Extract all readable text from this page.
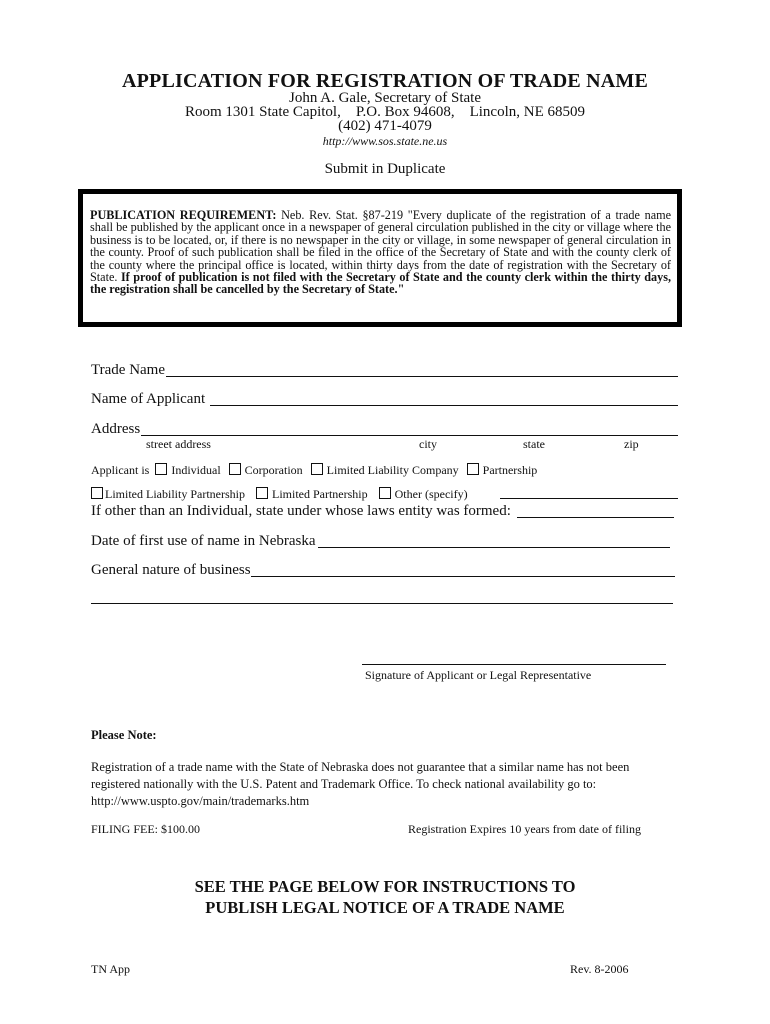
APPLICATION FOR REGISTRATION OF TRADE NAME
John A. Gale, Secretary of State
Room 1301 State Capitol,    P.O. Box 94608,    Lincoln, NE 68509
(402) 471-4079
http://www.sos.state.ne.us
Submit in Duplicate
PUBLICATION REQUIREMENT: Neb. Rev. Stat. §87-219 "Every duplicate of the registration of a trade name shall be published by the applicant once in a newspaper of general circulation published in the city or village where the business is to be located, or, if there is no newspaper in the city or village, in some newspaper of general circulation in the county. Proof of such publication shall be filed in the office of the Secretary of State and with the county clerk of the county where the principal office is located, within thirty days from the date of registration with the Secretary of State. If proof of publication is not filed with the Secretary of State and the county clerk within the thirty days, the registration shall be cancelled by the Secretary of State."
Trade Name
Name of Applicant
Address
street address	city	state	zip
Applicant is Individual Corporation Limited Liability Company Partnership
Limited Liability Partnership Limited Partnership Other (specify)
If other than an Individual, state under whose laws entity was formed:
Date of first use of name in Nebraska
General nature of business
Signature of Applicant or Legal Representative
Please Note:
Registration of a trade name with the State of Nebraska does not guarantee that a similar name has not been registered nationally with the U.S. Patent and Trademark Office. To check national availability go to: http://www.uspto.gov/main/trademarks.htm
FILING FEE: $100.00	Registration Expires 10 years from date of filing
SEE THE PAGE BELOW FOR INSTRUCTIONS TO
PUBLISH LEGAL NOTICE OF A TRADE NAME
TN App	Rev. 8-2006
